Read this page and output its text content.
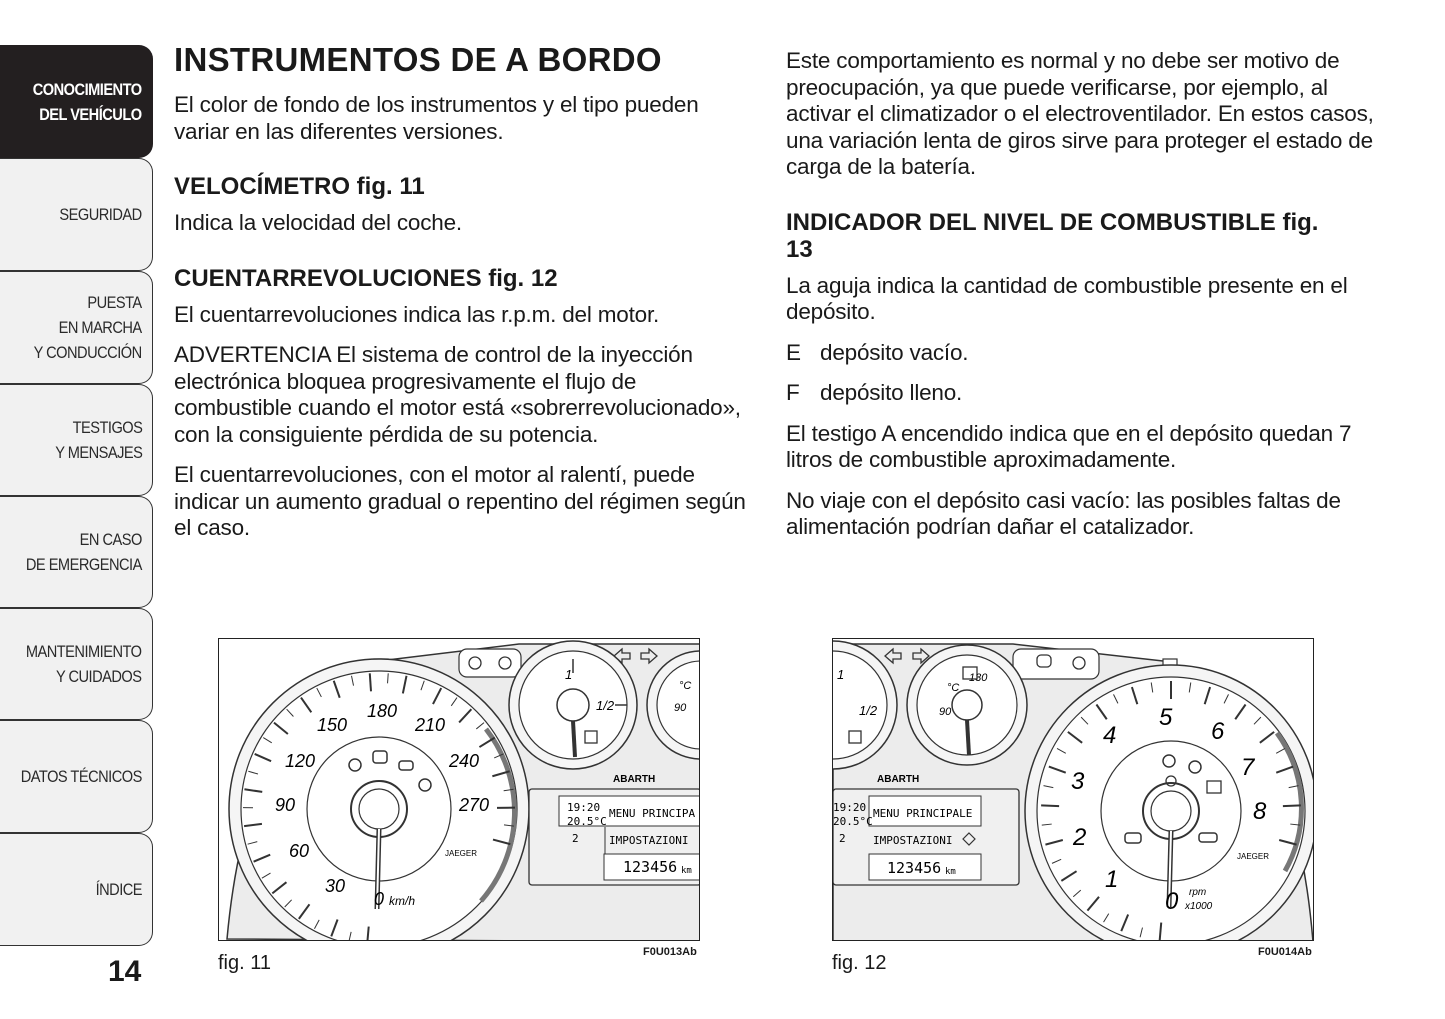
CONOCIMIENTO
DEL VEHÍCULO
SEGURIDAD
PUESTA
EN MARCHA
Y CONDUCCIÓN
TESTIGOS
Y MENSAJES
EN CASO
DE EMERGENCIA
MANTENIMIENTO
Y CUIDADOS
DATOS TÉCNICOS
ÍNDICE
14
INSTRUMENTOS DE A BORDO

El color de fondo de los instrumentos y el tipo pueden variar en las diferentes versiones.

VELOCÍMETRO fig. 11

Indica la velocidad del coche.

CUENTARREVOLUCIONES fig. 12

El cuentarrevoluciones indica las r.p.m. del motor.

ADVERTENCIA El sistema de control de la inyección electrónica bloquea progresivamente el flujo de combustible cuando el motor está «sobrerrevolucionado», con la consiguiente pérdida de su potencia.

El cuentarrevoluciones, con el motor al ralentí, puede indicar un aumento gradual o repentino del régimen según el caso.

Este comportamiento es normal y no debe ser motivo de preocupación, ya que puede verificarse, por ejemplo, al activar el climatizador o el electroventilador. En estos casos, una variación lenta de giros sirve para proteger el estado de carga de la batería.

INDICADOR DEL NIVEL DE COMBUSTIBLE fig. 13

La aguja indica la cantidad de combustible presente en el depósito.

E depósito vacío.

F depósito lleno.

El testigo A encendido indica que en el depósito quedan 7 litros de combustible aproximadamente.

No viaje con el depósito casi vacío: las posibles faltas de alimentación podrían dañar el catalizador.

0
30
60
90
120
150
180
210
240
270
km/h
JAEGER
1
1/2
°C
90
ABARTH
19:20
20.5°C
2
MENU PRINCIPA
IMPOSTAZIONI
123456 km
fig. 11	F0U013Ab
1
1/2
°C
130
90
ABARTH
19:20
20.5°C
2
MENU PRINCIPALE
IMPOSTAZIONI
123456 km
0
1
2
3
4
5
6
7
8
rpm
x1000
JAEGER
fig. 12	F0U014Ab
